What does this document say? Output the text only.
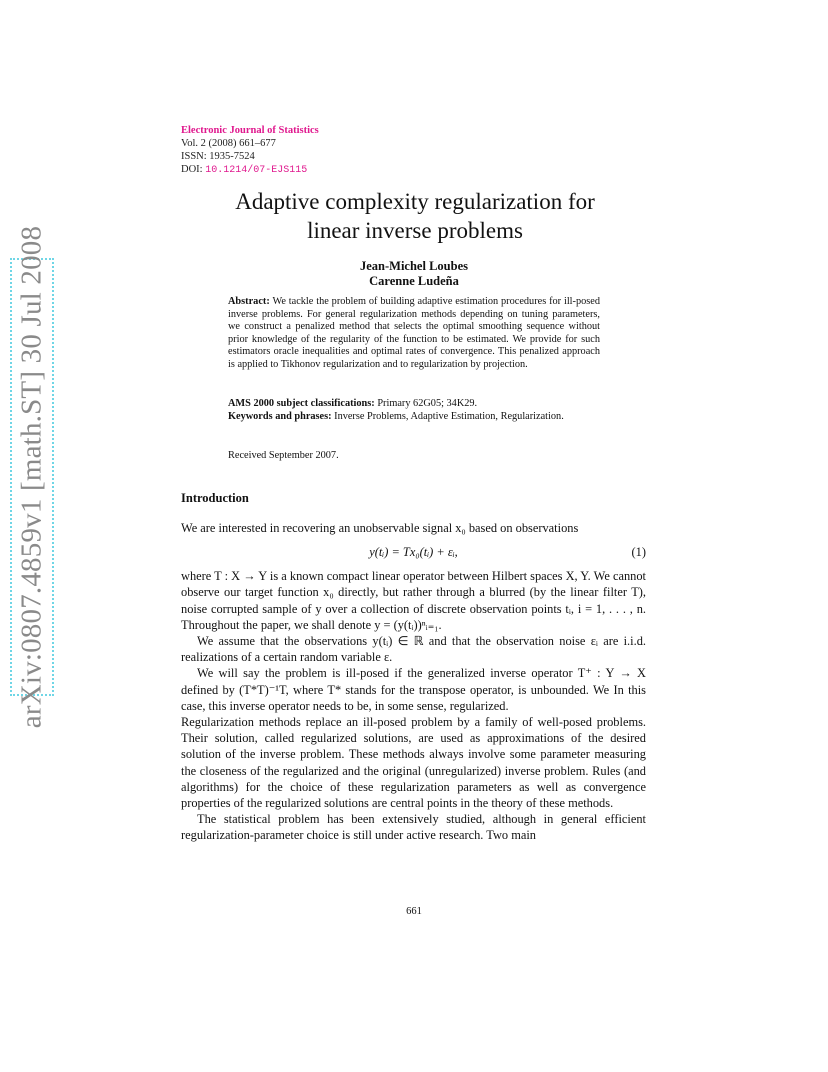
arXiv:0807.4859v1 [math.ST] 30 Jul 2008
Electronic Journal of Statistics
Vol. 2 (2008) 661–677
ISSN: 1935-7524
DOI: 10.1214/07-EJS115
Adaptive complexity regularization for
linear inverse problems
Jean-Michel Loubes
Carenne Ludeña
Abstract: We tackle the problem of building adaptive estimation procedures for ill-posed inverse problems. For general regularization methods depending on tuning parameters, we construct a penalized method that selects the optimal smoothing sequence without prior knowledge of the regularity of the function to be estimated. We provide for such estimators oracle inequalities and optimal rates of convergence. This penalized approach is applied to Tikhonov regularization and to regularization by projection.
AMS 2000 subject classifications: Primary 62G05; 34K29.
Keywords and phrases: Inverse Problems, Adaptive Estimation, Regularization.
Received September 2007.
Introduction

We are interested in recovering an unobservable signal x₀ based on observations

y(tᵢ) = Tx₀(tᵢ) + εᵢ,	(1)

where T : X → Y is a known compact linear operator between Hilbert spaces X, Y. We cannot observe our target function x₀ directly, but rather through a blurred (by the linear filter T), noise corrupted sample of y over a collection of discrete observation points tᵢ, i = 1, . . . , n. Throughout the paper, we shall denote y = (y(tᵢ))ⁿᵢ₌₁.

We assume that the observations y(tᵢ) ∈ ℝ and that the observation noise εᵢ are i.i.d. realizations of a certain random variable ε.

We will say the problem is ill-posed if the generalized inverse operator T⁺ : Y → X defined by (T*T)⁻¹T, where T* stands for the transpose operator, is unbounded. We In this case, this inverse operator needs to be, in some sense, regularized.

Regularization methods replace an ill-posed problem by a family of well-posed problems. Their solution, called regularized solutions, are used as approximations of the desired solution of the inverse problem. These methods always involve some parameter measuring the closeness of the regularized and the original (unregularized) inverse problem. Rules (and algorithms) for the choice of these regularization parameters as well as convergence properties of the regularized solutions are central points in the theory of these methods.

The statistical problem has been extensively studied, although in general efficient regularization-parameter choice is still under active research. Two main

661
